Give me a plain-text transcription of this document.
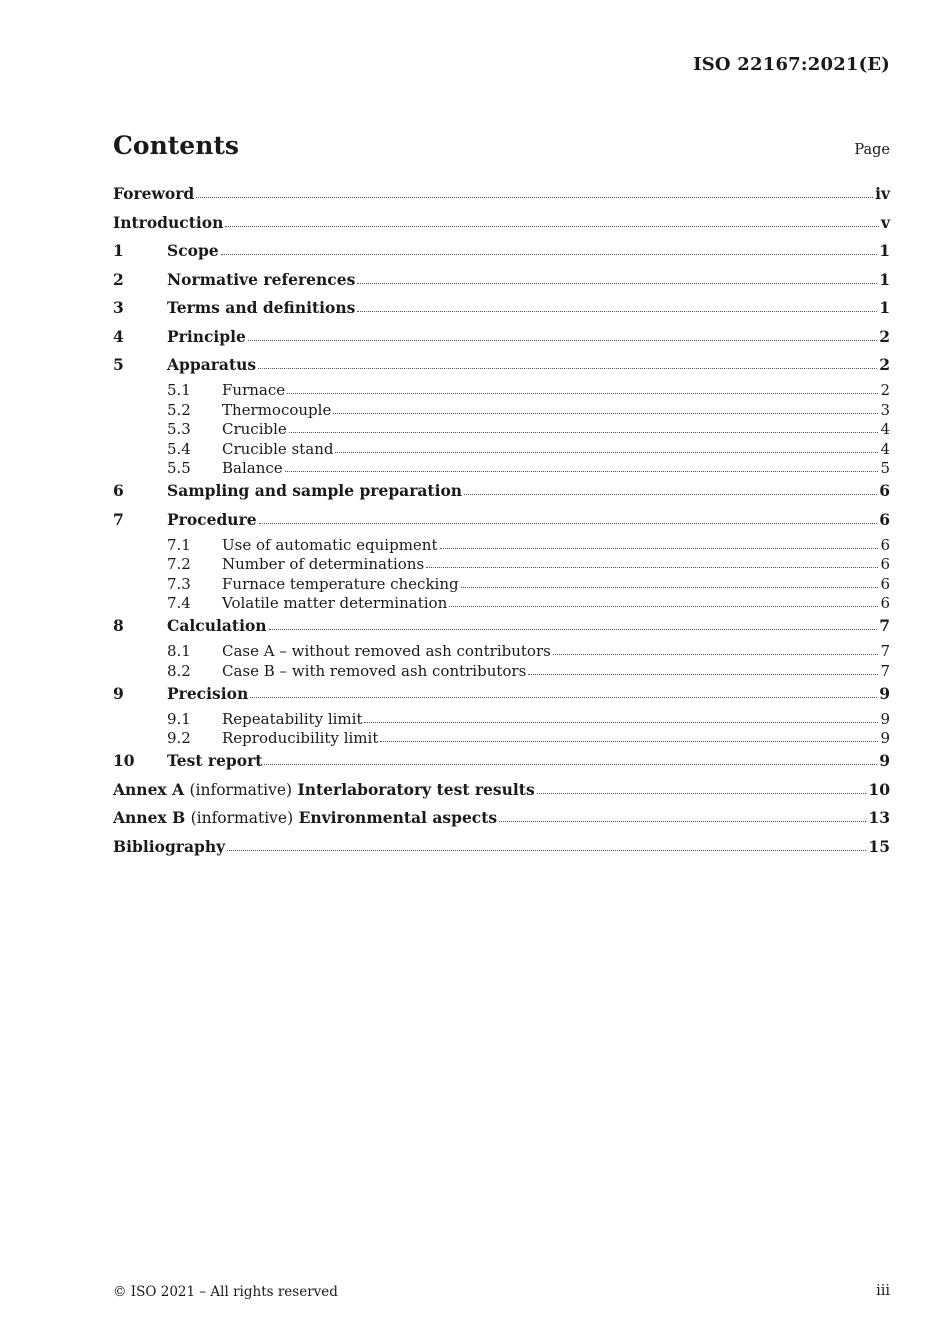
ISO 22167:2021(E)
Contents	Page
Foreword	iv
Introduction	v
1	Scope	1
2	Normative references	1
3	Terms and definitions	1
4	Principle	2
5	Apparatus	2
5.1	Furnace	2
5.2	Thermocouple	3
5.3	Crucible	4
5.4	Crucible stand	4
5.5	Balance	5
6	Sampling and sample preparation	6
7	Procedure	6
7.1	Use of automatic equipment	6
7.2	Number of determinations	6
7.3	Furnace temperature checking	6
7.4	Volatile matter determination	6
8	Calculation	7
8.1	Case A – without removed ash contributors	7
8.2	Case B – with removed ash contributors	7
9	Precision	9
9.1	Repeatability limit	9
9.2	Reproducibility limit	9
10	Test report	9
Annex A (informative) Interlaboratory test results	10
Annex B (informative) Environmental aspects	13
Bibliography	15
© ISO 2021 – All rights reserved	iii
